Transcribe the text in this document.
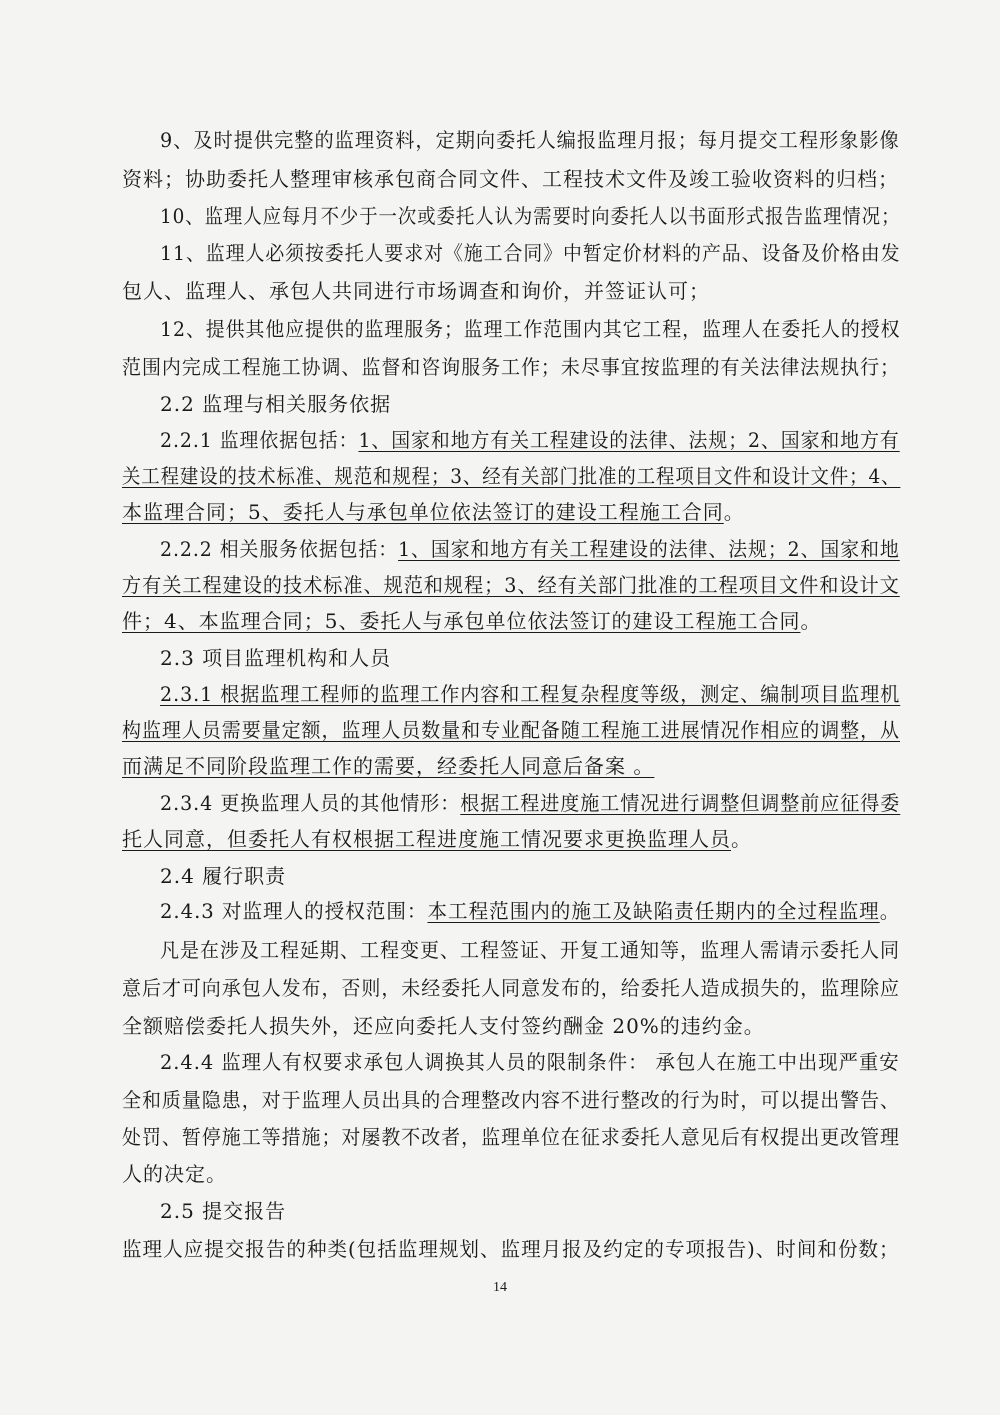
9、及时提供完整的监理资料，定期向委托人编报监理月报；每月提交工程形象影像
资料；协助委托人整理审核承包商合同文件、工程技术文件及竣工验收资料的归档；
10、监理人应每月不少于一次或委托人认为需要时向委托人以书面形式报告监理情况；
11、监理人必须按委托人要求对《施工合同》中暂定价材料的产品、设备及价格由发
包人、监理人、承包人共同进行市场调查和询价，并签证认可；
12、提供其他应提供的监理服务；监理工作范围内其它工程，监理人在委托人的授权
范围内完成工程施工协调、监督和咨询服务工作；未尽事宜按监理的有关法律法规执行；
2.2 监理与相关服务依据
2.2.1 监理依据包括：1、国家和地方有关工程建设的法律、法规；2、国家和地方有
关工程建设的技术标准、规范和规程；3、经有关部门批准的工程项目文件和设计文件；4、
本监理合同；5、委托人与承包单位依法签订的建设工程施工合同。
2.2.2 相关服务依据包括：1、国家和地方有关工程建设的法律、法规；2、国家和地
方有关工程建设的技术标准、规范和规程；3、经有关部门批准的工程项目文件和设计文
件；4、本监理合同；5、委托人与承包单位依法签订的建设工程施工合同。
2.3 项目监理机构和人员
2.3.1 根据监理工程师的监理工作内容和工程复杂程度等级，测定、编制项目监理机
构监理人员需要量定额，监理人员数量和专业配备随工程施工进展情况作相应的调整，从
而满足不同阶段监理工作的需要，经委托人同意后备案 。
2.3.4 更换监理人员的其他情形：根据工程进度施工情况进行调整但调整前应征得委
托人同意，但委托人有权根据工程进度施工情况要求更换监理人员。
2.4 履行职责
2.4.3 对监理人的授权范围：本工程范围内的施工及缺陷责任期内的全过程监理。
凡是在涉及工程延期、工程变更、工程签证、开复工通知等，监理人需请示委托人同
意后才可向承包人发布，否则，未经委托人同意发布的，给委托人造成损失的，监理除应
全额赔偿委托人损失外，还应向委托人支付签约酬金 20%的违约金。
2.4.4 监理人有权要求承包人调换其人员的限制条件： 承包人在施工中出现严重安
全和质量隐患，对于监理人员出具的合理整改内容不进行整改的行为时，可以提出警告、
处罚、暂停施工等措施；对屡教不改者，监理单位在征求委托人意见后有权提出更改管理
人的决定。
2.5 提交报告
监理人应提交报告的种类(包括监理规划、监理月报及约定的专项报告)、时间和份数；
14
